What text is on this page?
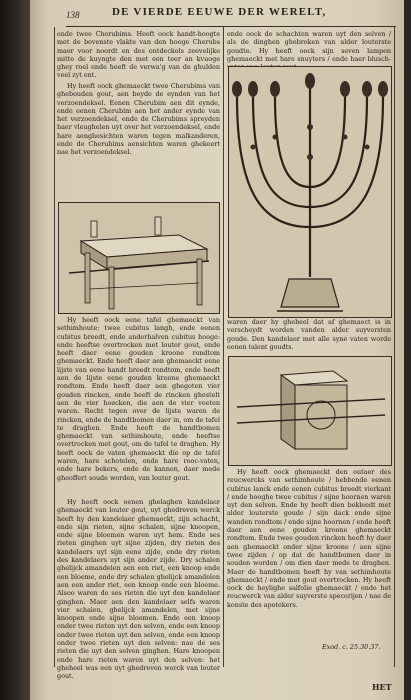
138	DE VIERDE EEUWE DER WERELT,
ende twee Cherubims. Heeft oock handt-hoogte met de bovenste vlakte van den hooge Cherubs maer voor noordt en des ontdeckels zeevelijke mitte de kuyngte den met een teer an kvuoge ghey roel ende heeft de verwa'g van de ghulden veel zyt ent.
Hy heeft oock ghemaeckt twee Cherubims van ghebouden gout, aen beyde de eynden van het verzoendeksel. Eenen Cherubim aen dit eynde, ende eenen Cherubim aen het ander eynde van het verzoendeksel, ende de Cherubims spreyden haer vleughelen uyt over het verzoendeksel, ende hare aenghesichten waren tegen malkanderen, ende de Cherubims aensichten waren ghekeert nae het verzoendeksel.
Hy heeft oock eene tafel ghemaeckt van sethimhoute: twee cubitus langh, ende eenen cubitus breedt, ende anderhalven cubitus hooge: ende heeftse overtrocken met louter gout, ende heeft daer eene gouden kroone rondtom ghemaeckt. Ende heeft daer aen ghemaeckt eene lijste van eene handt breedt rondtom, ende heeft aen de lijste eene gouden kroone ghemaeckt rondtom. Ende heeft daer aen ghegoten vier gouden rincken, ende heeft de rincken ghestelt aen de vier hoecken, die aen de vier voeten waren. Recht tegen over de lijste waren de rincken, ende de handtbomen daer in, om de tafel te draghen. Ende heeft de handtbomen ghemaeckt van sethimhoute, ende heeftse overtrocken met gout, om de tafel te draghen. Hy heeft oock de vaten ghemaeckt die op de tafel waren, hare schotelen, ende hare rooc-vaten, ende hare bekers, ende de kannen, daer mede gheoffert soude worden, van louter gout.
Hy heeft oock eenen ghelaghen kandelaer ghemaeckt van louter gout, uyt ghedreven werck heeft hy den kandelaer ghemaeckt, zijn schacht, ende sijn rieten, sijne schalen, sijne knoopen, ende sijne bloemen waren uyt hem. Ende ses rieten ginghen uyt sijne zijden, dry rieten des kandelaers uyt sijn eene zijde, ende dry rieten des kandelaers uyt sijn ander zijde. Dry schalen ghelijck amandelen aen een riet, een knoop ende een bloeme, ende dry schalen ghelijck amandelen aen een ander riet, een knoop ende een bloeme. Alsoo waren de ses rieten die uyt den kandelaer ginghen. Maer aen den kandelaer selfs waren vier schalen, ghelijck amandelen, met sijne knoopen ende sijne bloemen. Ende een knoop onder twee rieten uyt den selven, ende een knoop onder twee rieten uyt den selven, ende een knoop onder twee rieten uyt den selven: nae de ses rieten die uyt den selven ginghen. Hare knoopen ende hare rieten waren uyt den selven: het gheheel was een uyt ghedreven werck van louter gout.
ende oock de schachten waren uyt den selven / als de dinghen ghebroken van alder louterste goudte. Hy heeft oock sijn seven lampen ghemaeckt met hare snuyters / ende haer blusch-
waren daer hy gheheel dat af ghemaect is in verscheydt worden vanden alder suyversten goude. Den kandelaer met alle syne vaten worde eenen talent goudts.
Hy heeft oock ghemaeckt den outaer des reucwercks van sethimhoute / hebbende eenen cubitus lanck ende eenen cubitus breedt vierkant / ende hooghe twee cubitus / sijne hoornen waren uyt den selven. Ende hy heeft dien bekleedt met alder louterste goude / sijn dack ende sijne wanden rondtom / ende sijne hoornen / ende heeft daer aen eene gouden kroone ghemaeckt rondtom. Ende twee gouden rincken heeft hy daer aen ghemaeckt onder sijne kroone / aen sijne twee zijden / op dat de handtbomen daer in souden worden / om dien daer mede te draghen. Maer de handtbomen heeft hy van sethimhoute ghemaeckt / ende met gout overtrocken. Hy heeft oock de heylighe salfolie ghemaeckt / ende het reucwerck van alder suyverste specerijen / nae de konste des apotekers.
Exod. c. 25.30.37.
HET
